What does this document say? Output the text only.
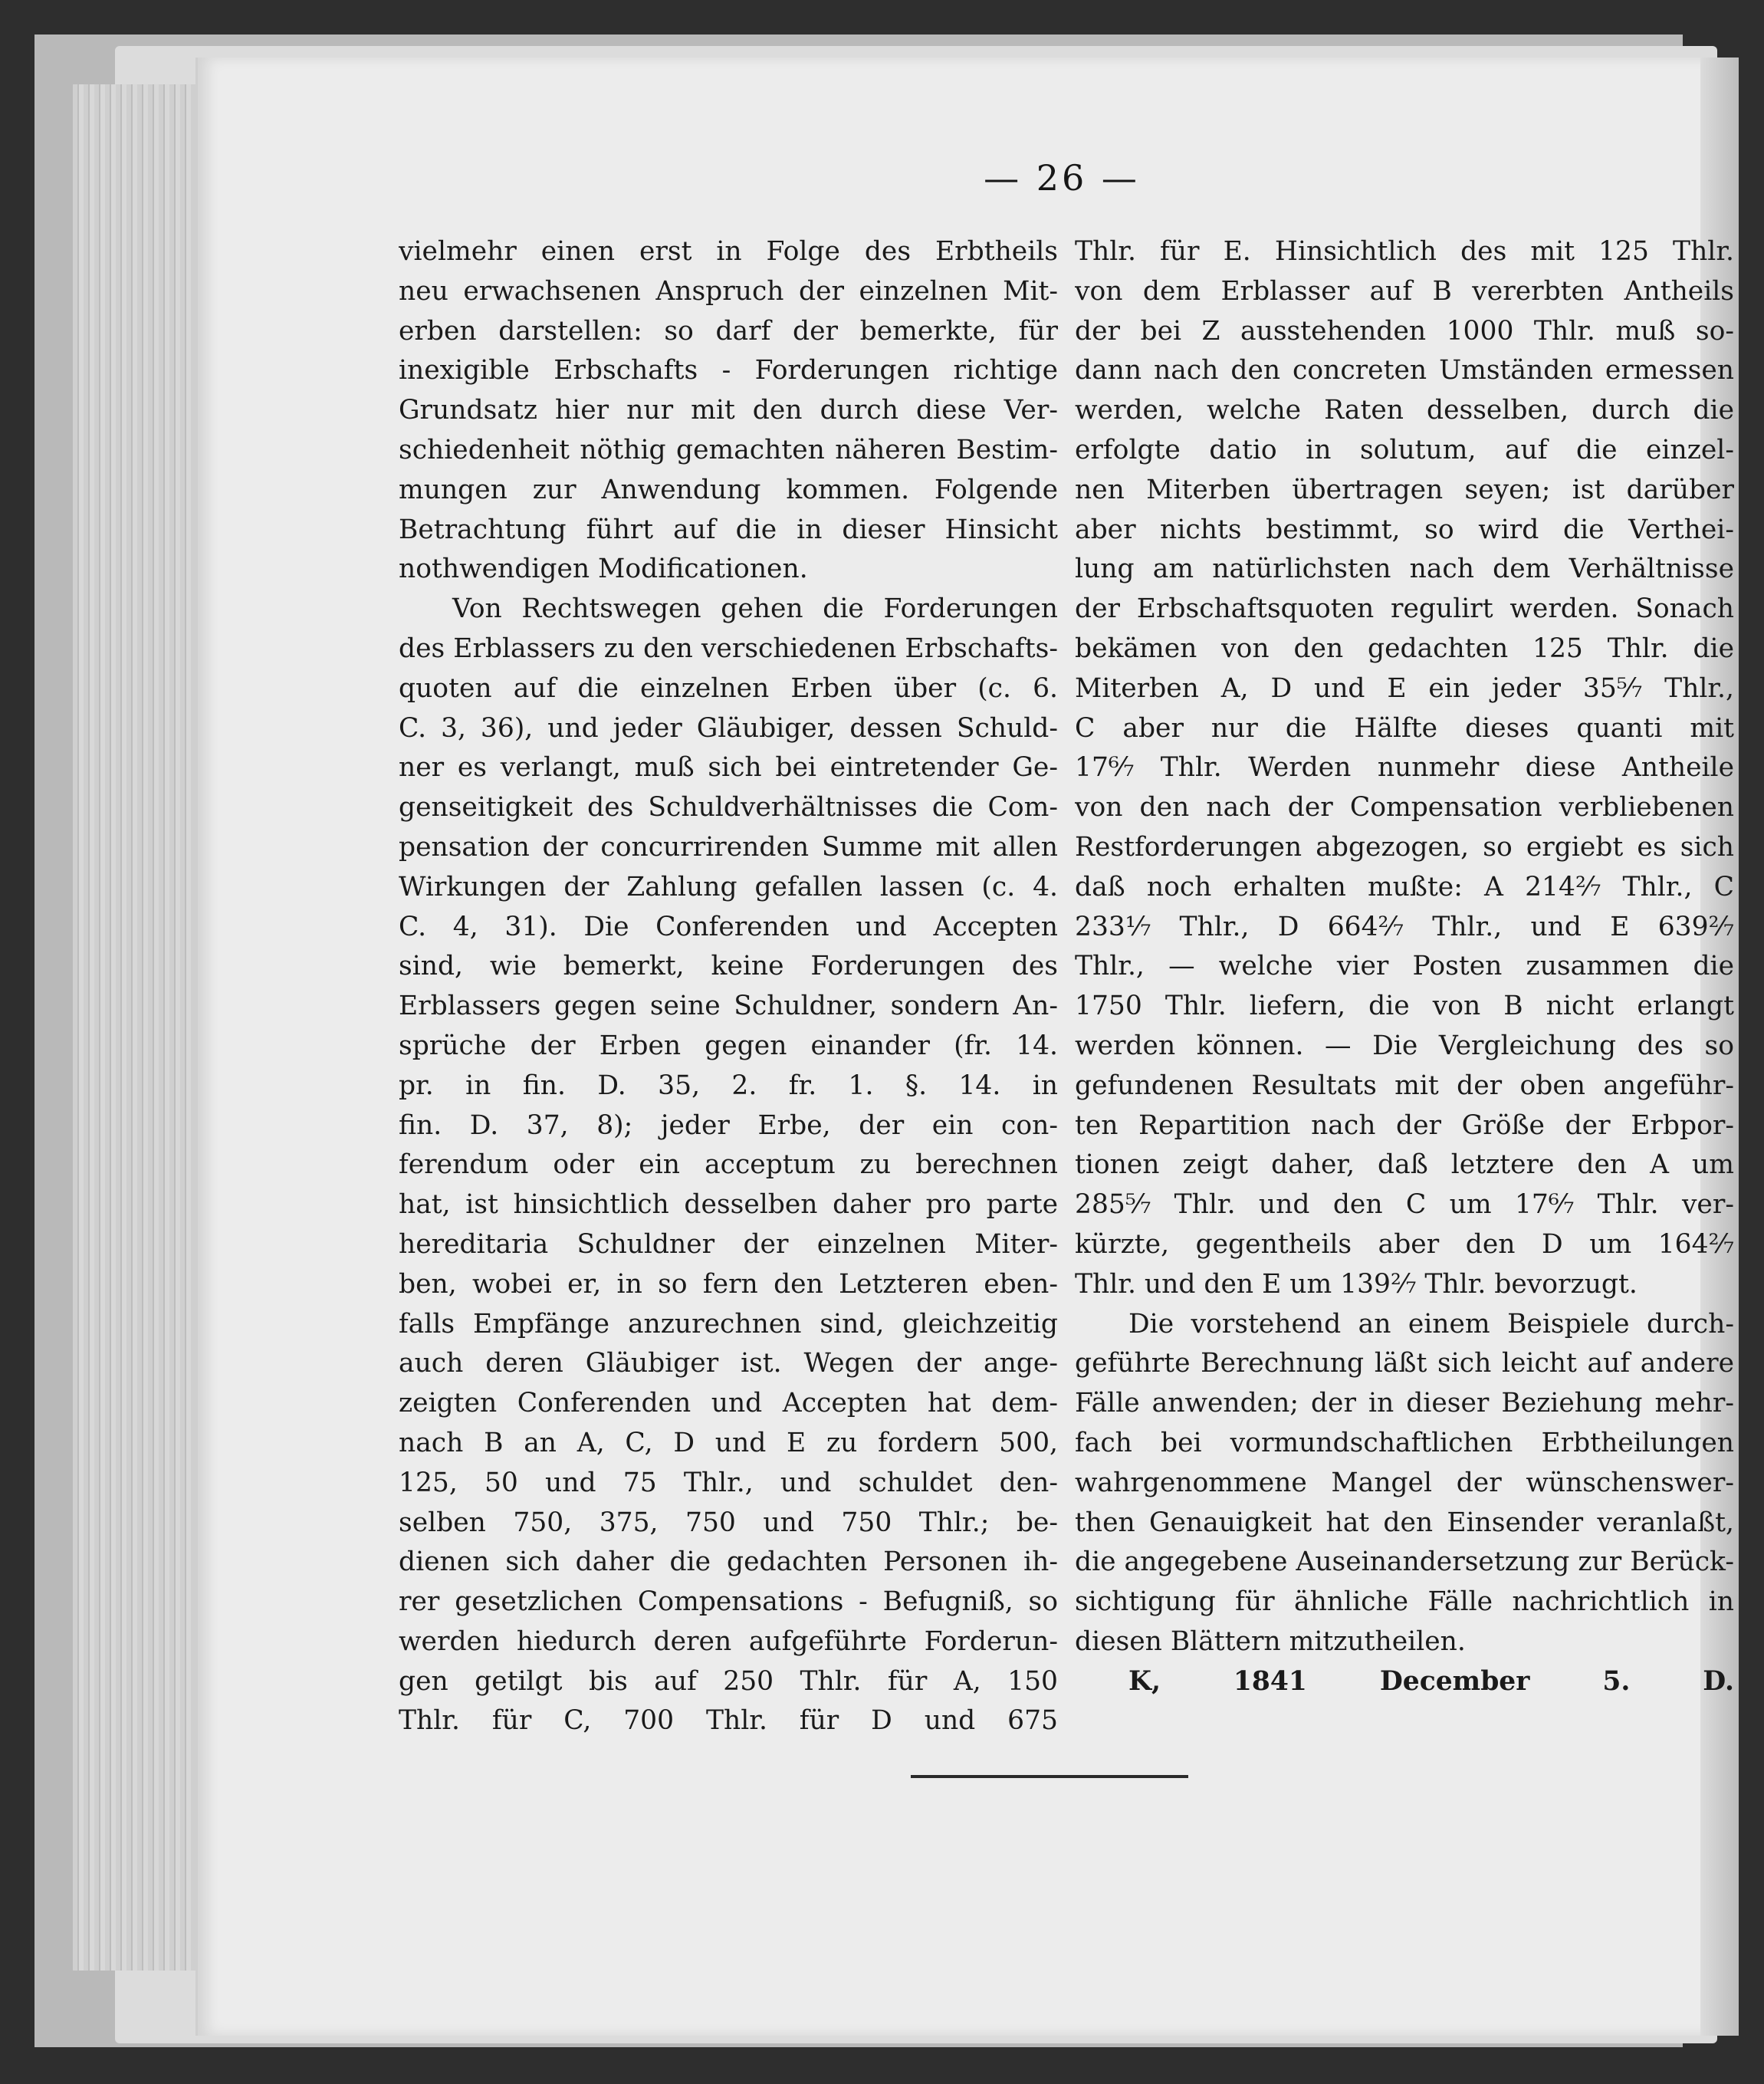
— 26 —
vielmehr einen erst in Folge des Erbtheils
neu erwachsenen Anspruch der einzelnen Mit-
erben darstellen: so darf der bemerkte, für
inexigible Erbschafts - Forderungen richtige
Grundsatz hier nur mit den durch diese Ver-
schiedenheit nöthig gemachten näheren Bestim-
mungen zur Anwendung kommen. Folgende
Betrachtung führt auf die in dieser Hinsicht
nothwendigen Modificationen.
Von Rechtswegen gehen die Forderungen
des Erblassers zu den verschiedenen Erbschafts-
quoten auf die einzelnen Erben über (c. 6.
C. 3, 36), und jeder Gläubiger, dessen Schuld-
ner es verlangt, muß sich bei eintretender Ge-
genseitigkeit des Schuldverhältnisses die Com-
pensation der concurrirenden Summe mit allen
Wirkungen der Zahlung gefallen lassen (c. 4.
C. 4, 31). Die Conferenden und Accepten
sind, wie bemerkt, keine Forderungen des
Erblassers gegen seine Schuldner, sondern An-
sprüche der Erben gegen einander (fr. 14.
pr. in fin. D. 35, 2. fr. 1. §. 14. in
fin. D. 37, 8); jeder Erbe, der ein con-
ferendum oder ein acceptum zu berechnen
hat, ist hinsichtlich desselben daher pro parte
hereditaria Schuldner der einzelnen Miter-
ben, wobei er, in so fern den Letzteren eben-
falls Empfänge anzurechnen sind, gleichzeitig
auch deren Gläubiger ist. Wegen der ange-
zeigten Conferenden und Accepten hat dem-
nach B an A, C, D und E zu fordern 500,
125, 50 und 75 Thlr., und schuldet den-
selben 750, 375, 750 und 750 Thlr.; be-
dienen sich daher die gedachten Personen ih-
rer gesetzlichen Compensations - Befugniß, so
werden hiedurch deren aufgeführte Forderun-
gen getilgt bis auf 250 Thlr. für A, 150
Thlr. für C, 700 Thlr. für D und 675
Thlr. für E. Hinsichtlich des mit 125 Thlr.
von dem Erblasser auf B vererbten Antheils
der bei Z ausstehenden 1000 Thlr. muß so-
dann nach den concreten Umständen ermessen
werden, welche Raten desselben, durch die
erfolgte datio in solutum, auf die einzel-
nen Miterben übertragen seyen; ist darüber
aber nichts bestimmt, so wird die Verthei-
lung am natürlichsten nach dem Verhältnisse
der Erbschaftsquoten regulirt werden. Sonach
bekämen von den gedachten 125 Thlr. die
Miterben A, D und E ein jeder 35⁵⁄₇ Thlr.,
C aber nur die Hälfte dieses quanti mit
17⁶⁄₇ Thlr. Werden nunmehr diese Antheile
von den nach der Compensation verbliebenen
Restforderungen abgezogen, so ergiebt es sich
daß noch erhalten mußte: A 214²⁄₇ Thlr., C
233¹⁄₇ Thlr., D 664²⁄₇ Thlr., und E 639²⁄₇
Thlr., — welche vier Posten zusammen die
1750 Thlr. liefern, die von B nicht erlangt
werden können. — Die Vergleichung des so
gefundenen Resultats mit der oben angeführ-
ten Repartition nach der Größe der Erbpor-
tionen zeigt daher, daß letztere den A um
285⁵⁄₇ Thlr. und den C um 17⁶⁄₇ Thlr. ver-
kürzte, gegentheils aber den D um 164²⁄₇
Thlr. und den E um 139²⁄₇ Thlr. bevorzugt.
Die vorstehend an einem Beispiele durch-
geführte Berechnung läßt sich leicht auf andere
Fälle anwenden; der in dieser Beziehung mehr-
fach bei vormundschaftlichen Erbtheilungen
wahrgenommene Mangel der wünschenswer-
then Genauigkeit hat den Einsender veranlaßt,
die angegebene Auseinandersetzung zur Berück-
sichtigung für ähnliche Fälle nachrichtlich in
diesen Blättern mitzutheilen.
K, 1841 December 5. D.
